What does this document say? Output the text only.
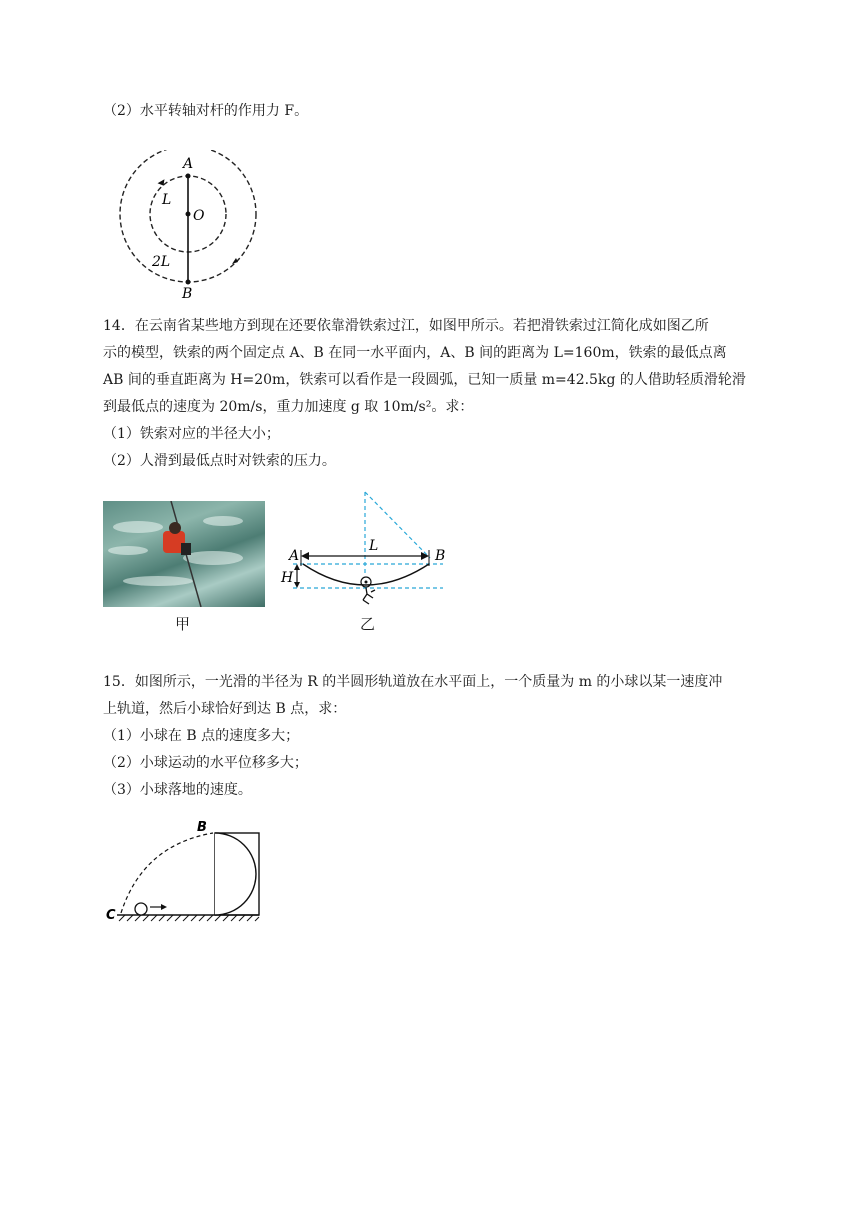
（2）水平转轴对杆的作用力 F。
A
L
O
2L
B
14．在云南省某些地方到现在还要依靠滑铁索过江，如图甲所示。若把滑铁索过江简化成如图乙所
示的模型，铁索的两个固定点 A、B 在同一水平面内，A、B 间的距离为 L=160m，铁索的最低点离
AB 间的垂直距离为 H=20m，铁索可以看作是一段圆弧，已知一质量 m=42.5kg 的人借助轻质滑轮滑
到最低点的速度为 20m/s，重力加速度 g 取 10m/s²。求：
（1）铁索对应的半径大小；
（2）人滑到最低点时对铁索的压力。
甲
A
L
B
H
乙
15．如图所示，一光滑的半径为 R 的半圆形轨道放在水平面上，一个质量为 m 的小球以某一速度冲
上轨道，然后小球恰好到达 B 点，求：
（1）小球在 B 点的速度多大；
（2）小球运动的水平位移多大；
（3）小球落地的速度。
B
C
